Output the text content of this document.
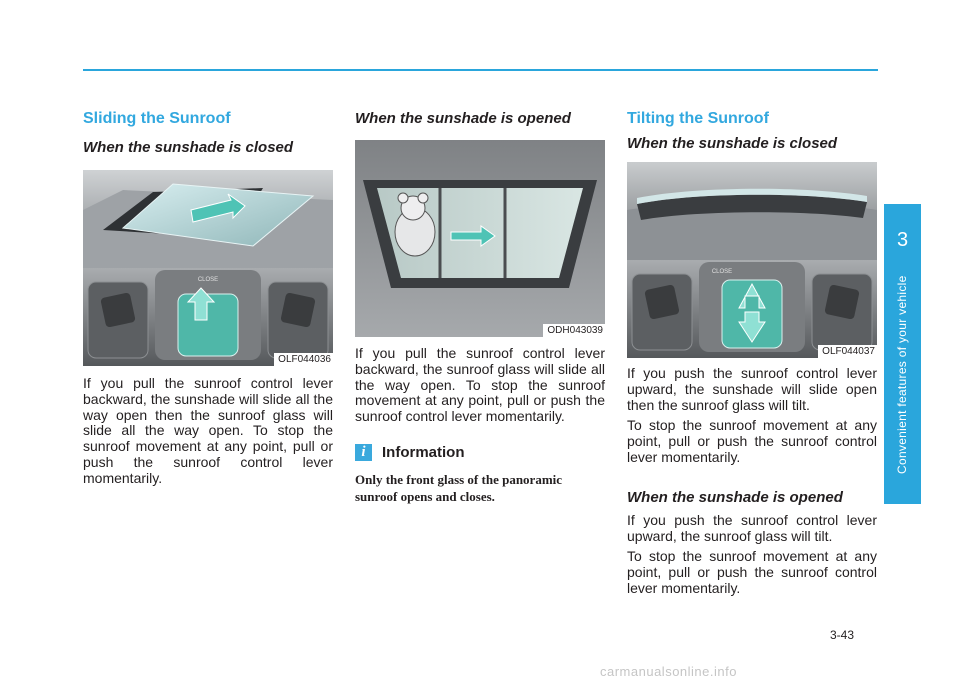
Sliding the Sunroof
When the sunshade is closed
CLOSE
OLF044036

If you pull the sunroof control lever backward, the sunshade will slide all the way open then the sunroof glass will slide all the way open. To stop the sunroof movement at any point, pull or push the sunroof control lever momentarily.

When the sunshade is opened
ODH043039

If you pull the sunroof control lever backward, the sunroof glass will slide all the way open. To stop the sunroof movement at any point, pull or push the sunroof control lever momentarily.

i	Information

Only the front glass of the panoramic sunroof opens and closes.

Tilting the Sunroof
When the sunshade is closed
CLOSE
OLF044037

If you push the sunroof control lever upward, the sunshade will slide open then the sunroof glass will tilt.

To stop the sunroof movement at any point, pull or push the sunroof control lever momentarily.

When the sunshade is opened

If you push the sunroof control lever upward, the sunroof glass will tilt.

To stop the sunroof movement at any point, pull or push the sunroof control lever momentarily.

3
Convenient features of your vehicle
3-43
carmanualsonline.info
